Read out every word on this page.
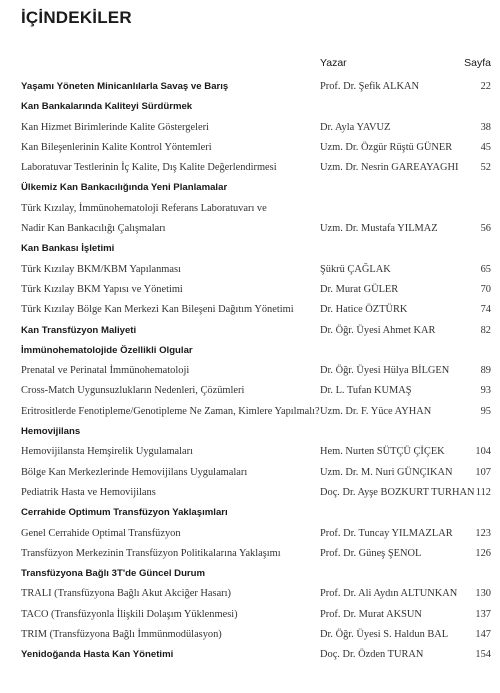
İÇİNDEKİLER
Yazar	Sayfa
Yaşamı Yöneten Minicanlılarla Savaş ve Barış	Prof. Dr. Şefik ALKAN	22
Kan Bankalarında Kaliteyi Sürdürmek
Kan Hizmet Birimlerinde Kalite Göstergeleri	Dr. Ayla YAVUZ	38
Kan Bileşenlerinin Kalite Kontrol Yöntemleri	Uzm. Dr. Özgür Rüştü GÜNER	45
Laboratuvar Testlerinin İç Kalite, Dış Kalite Değerlendirmesi	Uzm. Dr. Nesrin GAREAYAGHI 52
Ülkemiz Kan Bankacılığında Yeni Planlamalar
Türk Kızılay, İmmünohematoloji Referans Laboratuvarı ve
Nadir Kan Bankacılığı Çalışmaları	Uzm. Dr. Mustafa YILMAZ	56
Kan Bankası İşletimi
Türk Kızılay BKM/KBM Yapılanması	Şükrü ÇAĞLAK	65
Türk Kızılay BKM Yapısı ve Yönetimi	Dr. Murat GÜLER	70
Türk Kızılay Bölge Kan Merkezi Kan Bileşeni Dağıtım Yönetimi	Dr. Hatice ÖZTÜRK	74
Kan Transfüzyon Maliyeti	Dr. Öğr. Üyesi Ahmet KAR	82
İmmünohematolojide Özellikli Olgular
Prenatal ve Perinatal İmmünohematoloji	Dr. Öğr. Üyesi Hülya BİLGEN	89
Cross-Match Uygunsuzlukların Nedenleri, Çözümleri	Dr. L. Tufan KUMAŞ	93
Eritrositlerde Fenotipleme/Genotipleme Ne Zaman, Kimlere Yapılmalı? Uzm. Dr. F. Yüce AYHAN	95
Hemovijilans
Hemovijilansta Hemşirelik Uygulamaları	Hem. Nurten SÜTÇÜ ÇİÇEK	104
Bölge Kan Merkezlerinde Hemovijilans Uygulamaları	Uzm. Dr. M. Nuri GÜNÇIKAN 107
Pediatrik Hasta ve Hemovijilans	Doç. Dr. Ayşe BOZKURT TURHAN 112
Cerrahide Optimum Transfüzyon Yaklaşımları
Genel Cerrahide Optimal Transfüzyon	Prof. Dr. Tuncay YILMAZLAR 123
Transfüzyon Merkezinin Transfüzyon Politikalarına Yaklaşımı	Prof. Dr. Güneş ŞENOL	126
Transfüzyona Bağlı 3T'de Güncel Durum
TRALI (Transfüzyona Bağlı Akut Akciğer Hasarı)	Prof. Dr. Ali Aydın ALTUNKAN 130
TACO (Transfüzyonla İlişkili Dolaşım Yüklenmesi)	Prof. Dr. Murat AKSUN	137
TRIM (Transfüzyona Bağlı İmmünmodülasyon)	Dr. Öğr. Üyesi S. Haldun BAL	147
Yenidoğanda Hasta Kan Yönetimi	Doç. Dr. Özden TURAN	154
